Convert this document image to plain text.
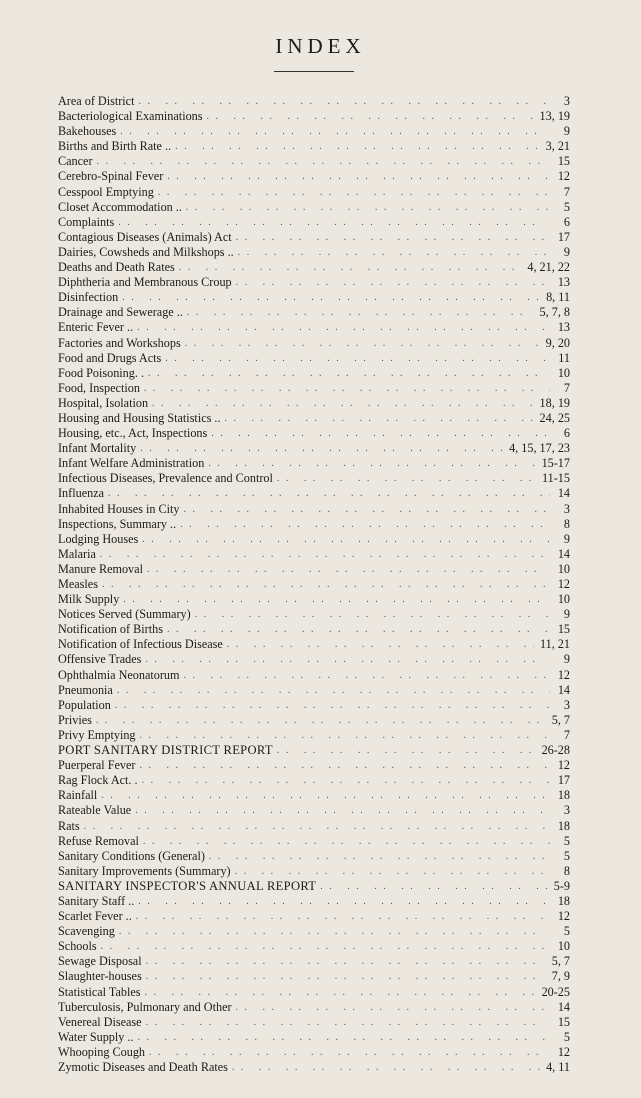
INDEX
Area of District . .	3
Bacteriological Examinations . .	13, 19
Bakehouses . .	9
Births and Birth Rate .. . .	3, 21
Cancer . .	15
Cerebro-Spinal Fever . .	12
Cesspool Emptying . .	7
Closet Accommodation .. . .	5
Complaints . .	6
Contagious Diseases (Animals) Act . .	17
Dairies, Cowsheds and Milkshops .. . .	9
Deaths and Death Rates . .	4, 21, 22
Diphtheria and Membranous Croup . .	13
Disinfection . .	8, 11
Drainage and Sewerage .. . .	5, 7, 8
Enteric Fever .. . .	13
Factories and Workshops . .	9, 20
Food and Drugs Acts . .	11
Food Poisoning. . . .	10
Food, Inspection . .	7
Hospital, Isolation . .	18, 19
Housing and Housing Statistics .. . .	24, 25
Housing, etc., Act, Inspections . .	6
Infant Mortality . .	4, 15, 17, 23
Infant Welfare Administration . .	15-17
Infectious Diseases, Prevalence and Control . .	11-15
Influenza . .	14
Inhabited Houses in City . .	3
Inspections, Summary .. . .	8
Lodging Houses . .	9
Malaria . .	14
Manure Removal . .	10
Measles . .	12
Milk Supply . .	10
Notices Served (Summary) . .	9
Notification of Births . .	15
Notification of Infectious Disease . .	11, 21
Offensive Trades . .	9
Ophthalmia Neonatorum . .	12
Pneumonia . .	14
Population . .	3
Privies . .	5, 7
Privy Emptying . .	7
PORT SANITARY DISTRICT REPORT . .	26-28
Puerperal Fever . .	12
Rag Flock Act. . . .	17
Rainfall . .	18
Rateable Value . .	3
Rats . .	18
Refuse Removal . .	5
Sanitary Conditions (General) . .	5
Sanitary Improvements (Summary) . .	8
SANITARY INSPECTOR'S ANNUAL REPORT . .	5-9
Sanitary Staff .. . .	18
Scarlet Fever .. . .	12
Scavenging . .	5
Schools . .	10
Sewage Disposal . .	5, 7
Slaughter-houses . .	7, 9
Statistical Tables . .	20-25
Tuberculosis, Pulmonary and Other . .	14
Venereal Disease . .	15
Water Supply .. . .	5
Whooping Cough . .	12
Zymotic Diseases and Death Rates . .	4, 11
